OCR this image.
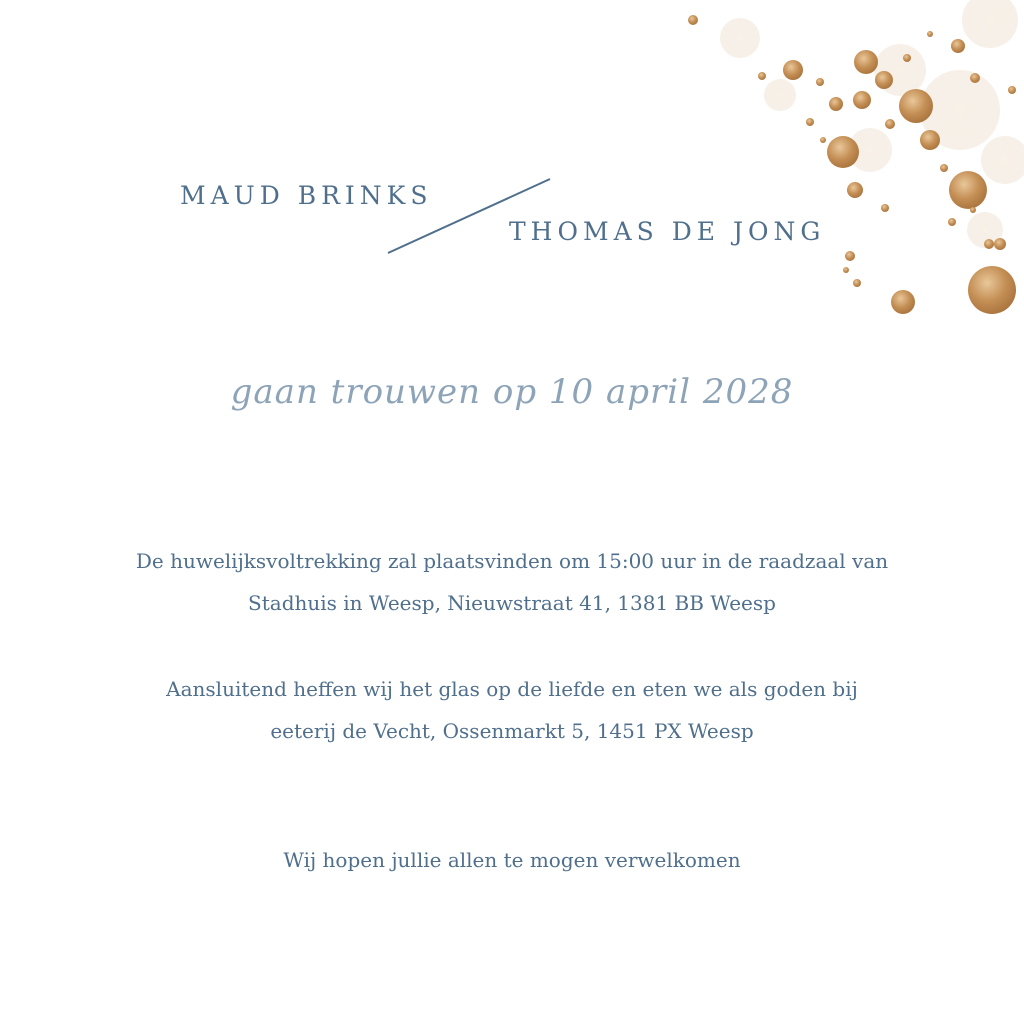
MAUD BRINKS
THOMAS DE JONG
gaan trouwen op 10 april 2028
De huwelijksvoltrekking zal plaatsvinden om 15:00 uur in de raadzaal van
Stadhuis in Weesp, Nieuwstraat 41, 1381 BB Weesp
Aansluitend heffen wij het glas op de liefde en eten we als goden bij
eeterij de Vecht, Ossenmarkt 5, 1451 PX Weesp
Wij hopen jullie allen te mogen verwelkomen
